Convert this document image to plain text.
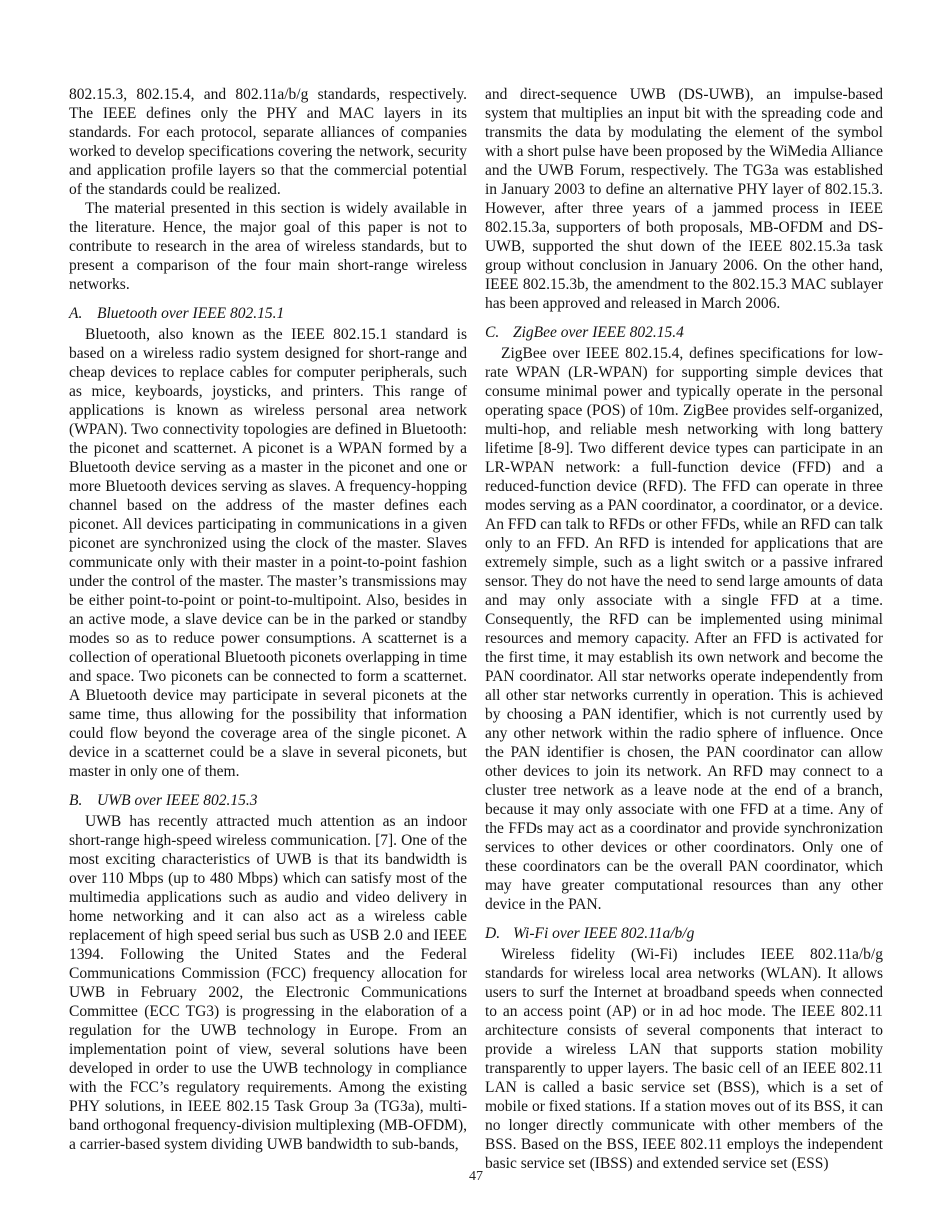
802.15.3, 802.15.4, and 802.11a/b/g standards, respectively. The IEEE defines only the PHY and MAC layers in its standards. For each protocol, separate alliances of companies worked to develop specifications covering the network, security and application profile layers so that the commercial potential of the standards could be realized.

The material presented in this section is widely available in the literature. Hence, the major goal of this paper is not to contribute to research in the area of wireless standards, but to present a comparison of the four main short-range wireless networks.

A. Bluetooth over IEEE 802.15.1

Bluetooth, also known as the IEEE 802.15.1 standard is based on a wireless radio system designed for short-range and cheap devices to replace cables for computer peripherals, such as mice, keyboards, joysticks, and printers. This range of applications is known as wireless personal area network (WPAN). Two connectivity topologies are defined in Bluetooth: the piconet and scatternet. A piconet is a WPAN formed by a Bluetooth device serving as a master in the piconet and one or more Bluetooth devices serving as slaves. A frequency-hopping channel based on the address of the master defines each piconet. All devices participating in communications in a given piconet are synchronized using the clock of the master. Slaves communicate only with their master in a point-to-point fashion under the control of the master. The master’s transmissions may be either point-to-point or point-to-multipoint. Also, besides in an active mode, a slave device can be in the parked or standby modes so as to reduce power consumptions. A scatternet is a collection of operational Bluetooth piconets overlapping in time and space. Two piconets can be connected to form a scatternet. A Bluetooth device may participate in several piconets at the same time, thus allowing for the possibility that information could flow beyond the coverage area of the single piconet. A device in a scatternet could be a slave in several piconets, but master in only one of them.

B. UWB over IEEE 802.15.3

UWB has recently attracted much attention as an indoor short-range high-speed wireless communication. [7]. One of the most exciting characteristics of UWB is that its bandwidth is over 110 Mbps (up to 480 Mbps) which can satisfy most of the multimedia applications such as audio and video delivery in home networking and it can also act as a wireless cable replacement of high speed serial bus such as USB 2.0 and IEEE 1394. Following the United States and the Federal Communications Commission (FCC) frequency allocation for UWB in February 2002, the Electronic Communications Committee (ECC TG3) is progressing in the elaboration of a regulation for the UWB technology in Europe. From an implementation point of view, several solutions have been developed in order to use the UWB technology in compliance with the FCC’s regulatory requirements. Among the existing PHY solutions, in IEEE 802.15 Task Group 3a (TG3a), multi-band orthogonal frequency-division multiplexing (MB-OFDM), a carrier-based system dividing UWB bandwidth to sub-bands,

and direct-sequence UWB (DS-UWB), an impulse-based system that multiplies an input bit with the spreading code and transmits the data by modulating the element of the symbol with a short pulse have been proposed by the WiMedia Alliance and the UWB Forum, respectively. The TG3a was established in January 2003 to define an alternative PHY layer of 802.15.3. However, after three years of a jammed process in IEEE 802.15.3a, supporters of both proposals, MB-OFDM and DS-UWB, supported the shut down of the IEEE 802.15.3a task group without conclusion in January 2006. On the other hand, IEEE 802.15.3b, the amendment to the 802.15.3 MAC sublayer has been approved and released in March 2006.

C. ZigBee over IEEE 802.15.4

ZigBee over IEEE 802.15.4, defines specifications for low-rate WPAN (LR-WPAN) for supporting simple devices that consume minimal power and typically operate in the personal operating space (POS) of 10m. ZigBee provides self-organized, multi-hop, and reliable mesh networking with long battery lifetime [8-9]. Two different device types can participate in an LR-WPAN network: a full-function device (FFD) and a reduced-function device (RFD). The FFD can operate in three modes serving as a PAN coordinator, a coordinator, or a device. An FFD can talk to RFDs or other FFDs, while an RFD can talk only to an FFD. An RFD is intended for applications that are extremely simple, such as a light switch or a passive infrared sensor. They do not have the need to send large amounts of data and may only associate with a single FFD at a time. Consequently, the RFD can be implemented using minimal resources and memory capacity. After an FFD is activated for the first time, it may establish its own network and become the PAN coordinator. All star networks operate independently from all other star networks currently in operation. This is achieved by choosing a PAN identifier, which is not currently used by any other network within the radio sphere of influence. Once the PAN identifier is chosen, the PAN coordinator can allow other devices to join its network. An RFD may connect to a cluster tree network as a leave node at the end of a branch, because it may only associate with one FFD at a time. Any of the FFDs may act as a coordinator and provide synchronization services to other devices or other coordinators. Only one of these coordinators can be the overall PAN coordinator, which may have greater computational resources than any other device in the PAN.

D. Wi-Fi over IEEE 802.11a/b/g

Wireless fidelity (Wi-Fi) includes IEEE 802.11a/b/g standards for wireless local area networks (WLAN). It allows users to surf the Internet at broadband speeds when connected to an access point (AP) or in ad hoc mode. The IEEE 802.11 architecture consists of several components that interact to provide a wireless LAN that supports station mobility transparently to upper layers. The basic cell of an IEEE 802.11 LAN is called a basic service set (BSS), which is a set of mobile or fixed stations. If a station moves out of its BSS, it can no longer directly communicate with other members of the BSS. Based on the BSS, IEEE 802.11 employs the independent basic service set (IBSS) and extended service set (ESS)

47
